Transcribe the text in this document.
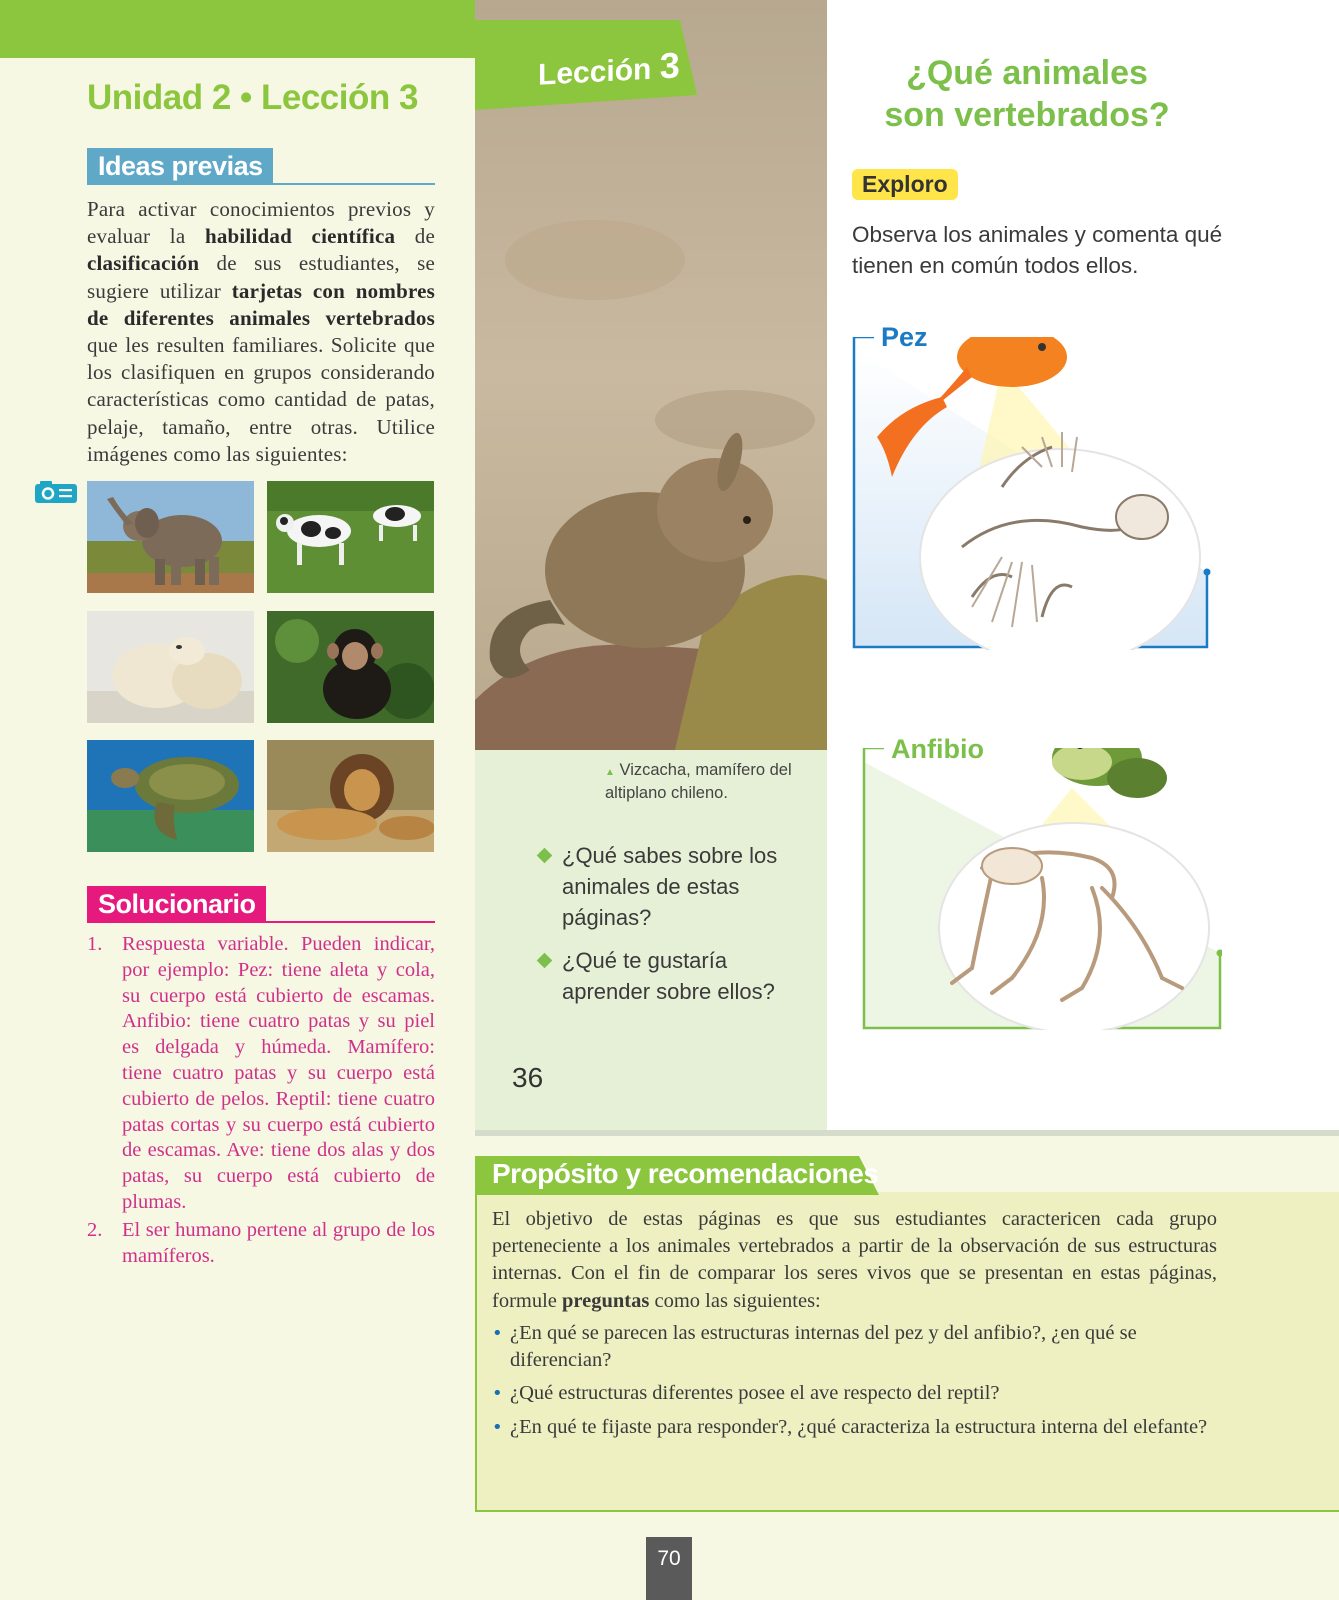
Unidad 2 • Lección 3
Ideas previas
Para activar conocimientos previos y evaluar la habilidad científica de clasificación de sus estudiantes, se sugiere utilizar tarjetas con nombres de diferentes animales vertebrados que les resulten familiares. Solicite que los clasifiquen en grupos considerando características como cantidad de patas, pelaje, tamaño, entre otras. Utilice imágenes como las siguientes:
Solucionario
1. Respuesta variable. Pueden indicar, por ejemplo: Pez: tiene aleta y cola, su cuerpo está cubierto de escamas. Anfibio: tiene cuatro patas y su piel es delgada y húmeda. Mamífero: tiene cuatro patas y su cuerpo está cubierto de pelos. Reptil: tiene cuatro patas cortas y su cuerpo está cubierto de escamas. Ave: tiene dos alas y dos patas, su cuerpo está cubierto de plumas.
2. El ser humano pertene al grupo de los mamíferos.
Lección 3
▲ Vizcacha, mamífero del
altiplano chileno.
¿Qué sabes sobre los animales de estas páginas?
¿Qué te gustaría aprender sobre ellos?
36
¿Qué animales
son vertebrados?
Exploro
Observa los animales y comenta qué tienen en común todos ellos.
Pez
Anfibio
Propósito y recomendaciones
El objetivo de estas páginas es que sus estudiantes caractericen cada grupo perteneciente a los animales vertebrados a partir de la observación de sus estructuras internas. Con el fin de comparar los seres vivos que se presentan en estas páginas, formule preguntas como las siguientes:
• ¿En qué se parecen las estructuras internas del pez y del anfibio?, ¿en qué se diferencian?
• ¿Qué estructuras diferentes posee el ave respecto del reptil?
• ¿En qué te fijaste para responder?, ¿qué caracteriza la estructura interna del elefante?
70
